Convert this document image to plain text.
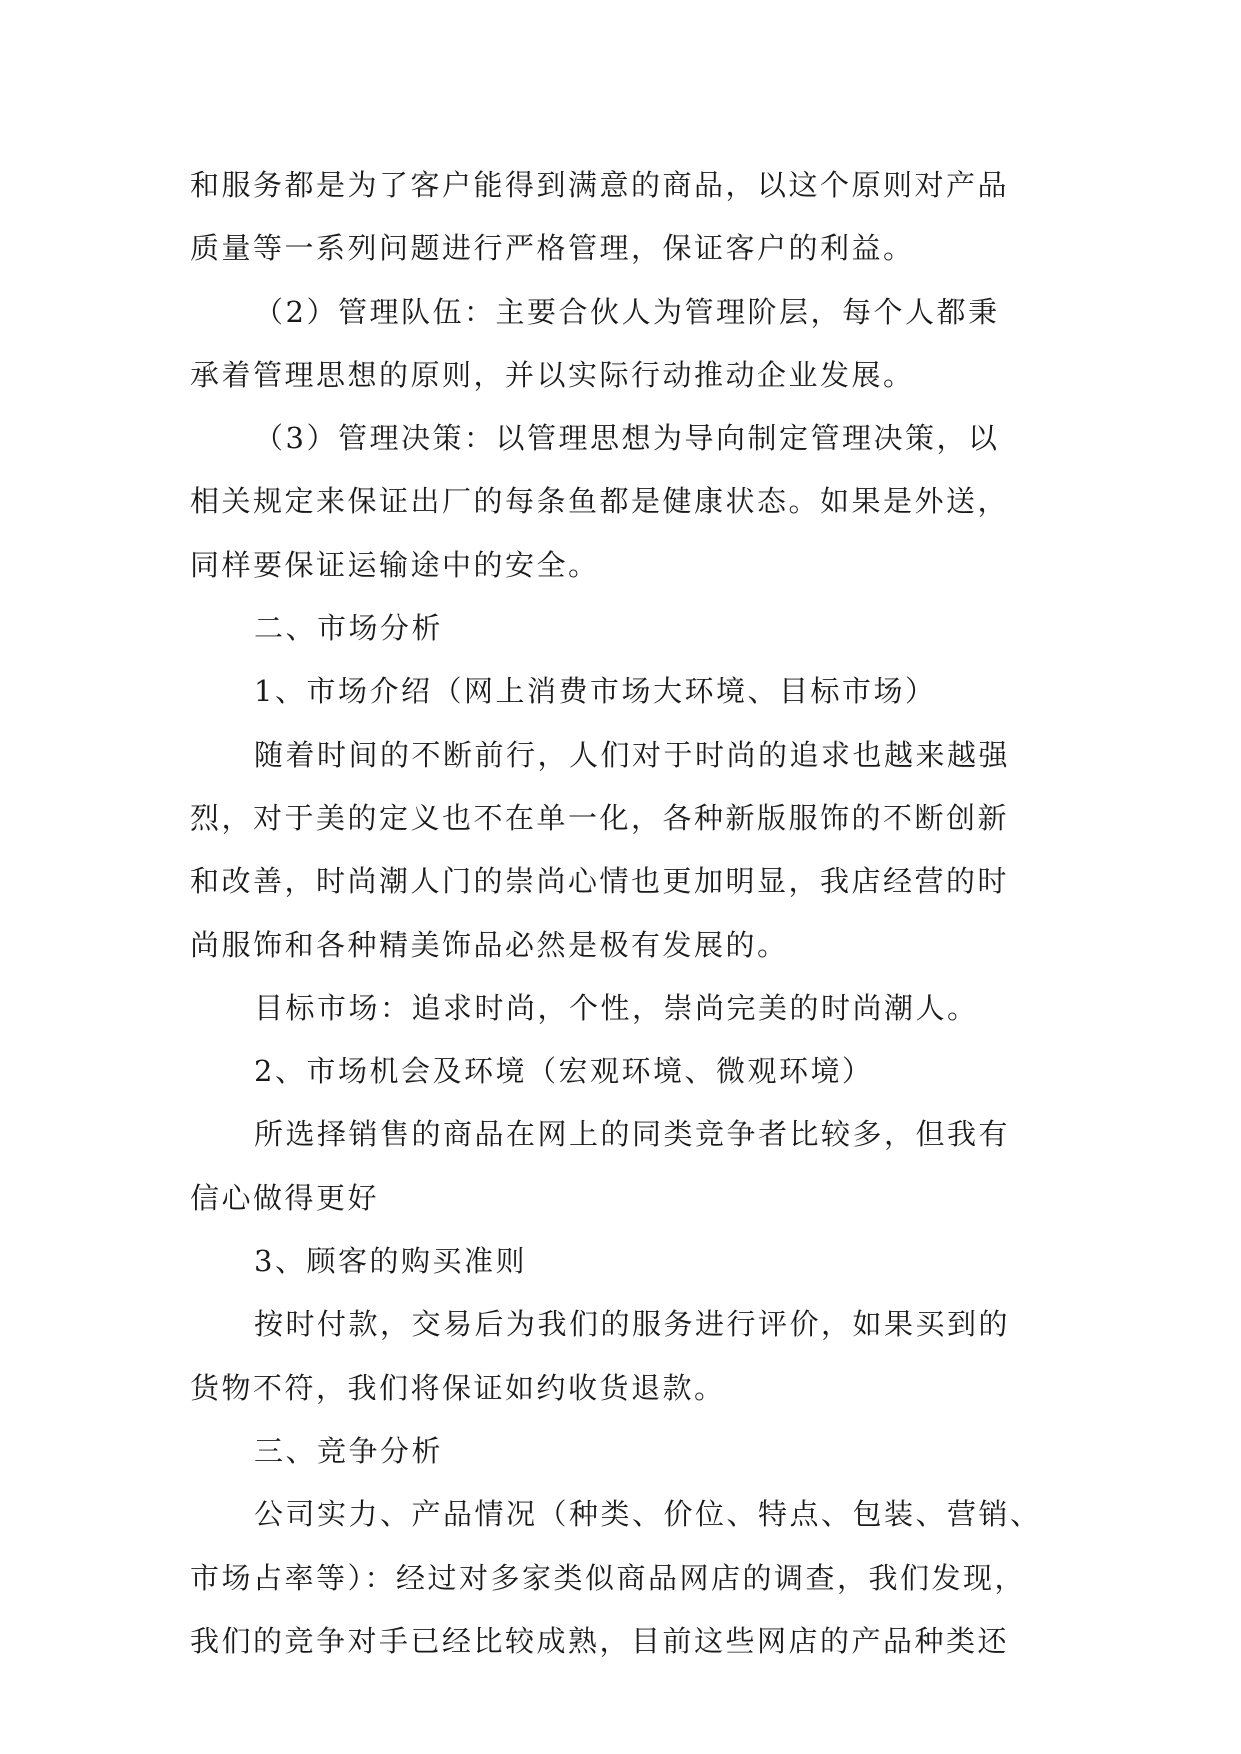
和服务都是为了客户能得到满意的商品，以这个原则对产品
质量等一系列问题进行严格管理，保证客户的利益。
（2）管理队伍：主要合伙人为管理阶层，每个人都秉
承着管理思想的原则，并以实际行动推动企业发展。
（3）管理决策：以管理思想为导向制定管理决策，以
相关规定来保证出厂的每条鱼都是健康状态。如果是外送，
同样要保证运输途中的安全。
二、市场分析
1、市场介绍（网上消费市场大环境、目标市场）
随着时间的不断前行，人们对于时尚的追求也越来越强
烈，对于美的定义也不在单一化，各种新版服饰的不断创新
和改善，时尚潮人门的崇尚心情也更加明显，我店经营的时
尚服饰和各种精美饰品必然是极有发展的。
目标市场：追求时尚，个性，崇尚完美的时尚潮人。
2、市场机会及环境（宏观环境、微观环境）
所选择销售的商品在网上的同类竞争者比较多，但我有
信心做得更好
3、顾客的购买准则
按时付款，交易后为我们的服务进行评价，如果买到的
货物不符，我们将保证如约收货退款。
三、竞争分析
公司实力、产品情况（种类、价位、特点、包装、营销、
市场占率等）：经过对多家类似商品网店的调查，我们发现，
我们的竞争对手已经比较成熟，目前这些网店的产品种类还
